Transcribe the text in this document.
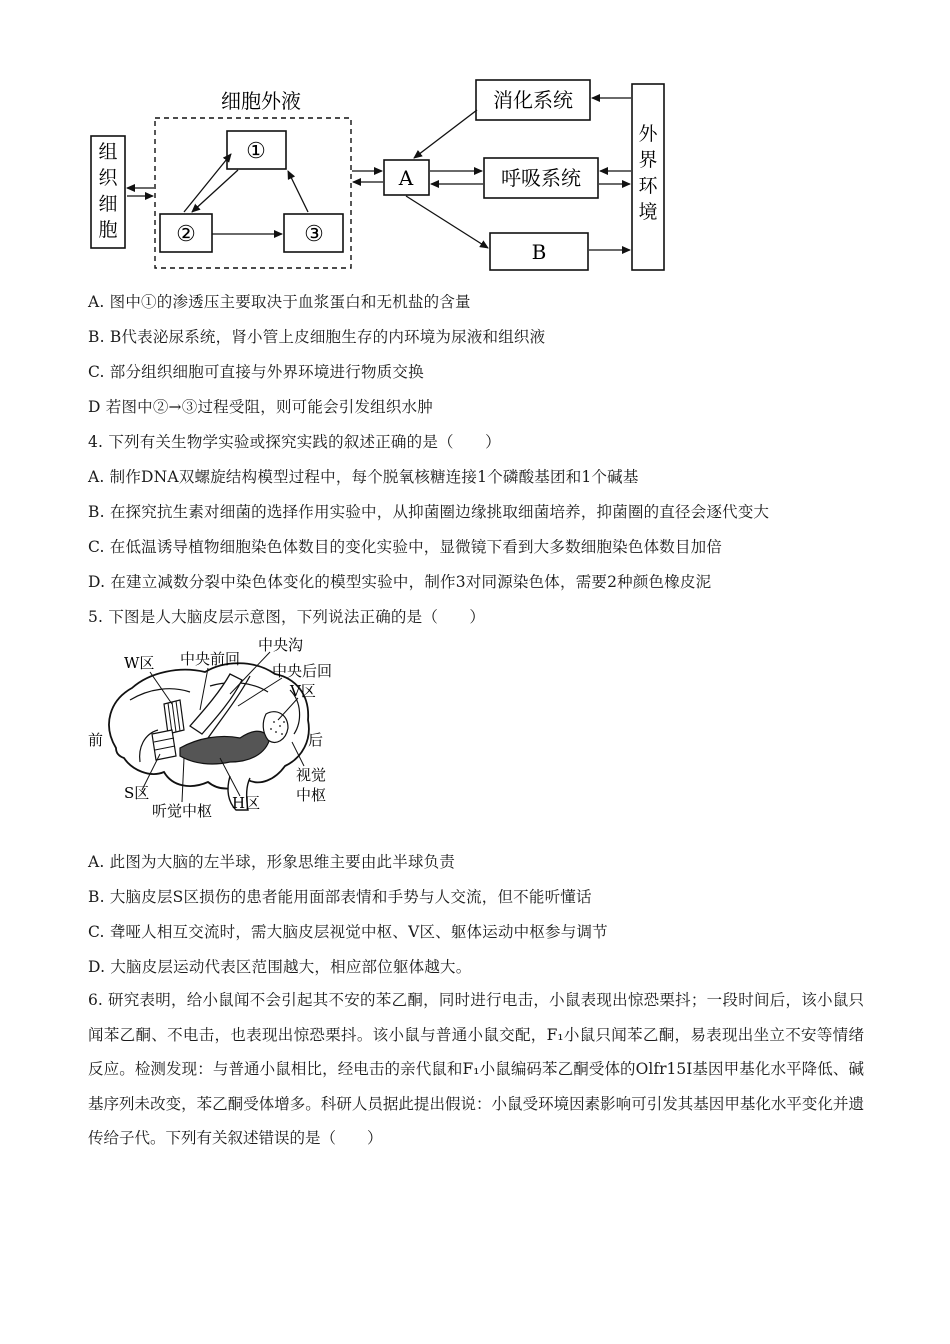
组织细胞
细胞外液
①
②	③
A
消化系统
呼吸系统
B
外界环境
A. 图中①的渗透压主要取决于血浆蛋白和无机盐的含量
B. B代表泌尿系统，肾小管上皮细胞生存的内环境为尿液和组织液
C. 部分组织细胞可直接与外界环境进行物质交换
D 若图中②→③过程受阻，则可能会引发组织水肿
4. 下列有关生物学实验或探究实践的叙述正确的是（　　）
A. 制作DNA双螺旋结构模型过程中，每个脱氧核糖连接1个磷酸基团和1个碱基
B. 在探究抗生素对细菌的选择作用实验中，从抑菌圈边缘挑取细菌培养，抑菌圈的直径会逐代变大
C. 在低温诱导植物细胞染色体数目的变化实验中，显微镜下看到大多数细胞染色体数目加倍
D. 在建立减数分裂中染色体变化的模型实验中，制作3对同源染色体，需要2种颜色橡皮泥
5. 下图是人大脑皮层示意图，下列说法正确的是（　　）
W区 中央前回
中央沟
中央后回
V区
前	后
S区
H区
听觉中枢
视觉
中枢
A. 此图为大脑的左半球，形象思维主要由此半球负责
B. 大脑皮层S区损伤的患者能用面部表情和手势与人交流，但不能听懂话
C. 聋哑人相互交流时，需大脑皮层视觉中枢、V区、躯体运动中枢参与调节
D. 大脑皮层运动代表区范围越大，相应部位躯体越大。
6. 研究表明，给小鼠闻不会引起其不安的苯乙酮，同时进行电击，小鼠表现出惊恐栗抖；一段时间后，该小鼠只闻苯乙酮、不电击，也表现出惊恐栗抖。该小鼠与普通小鼠交配，F₁小鼠只闻苯乙酮，易表现出坐立不安等情绪反应。检测发现：与普通小鼠相比，经电击的亲代鼠和F₁小鼠编码苯乙酮受体的Olfr15I基因甲基化水平降低、碱基序列未改变，苯乙酮受体增多。科研人员据此提出假说：小鼠受环境因素影响可引发其基因甲基化水平变化并遗传给子代。下列有关叙述错误的是（　　）
